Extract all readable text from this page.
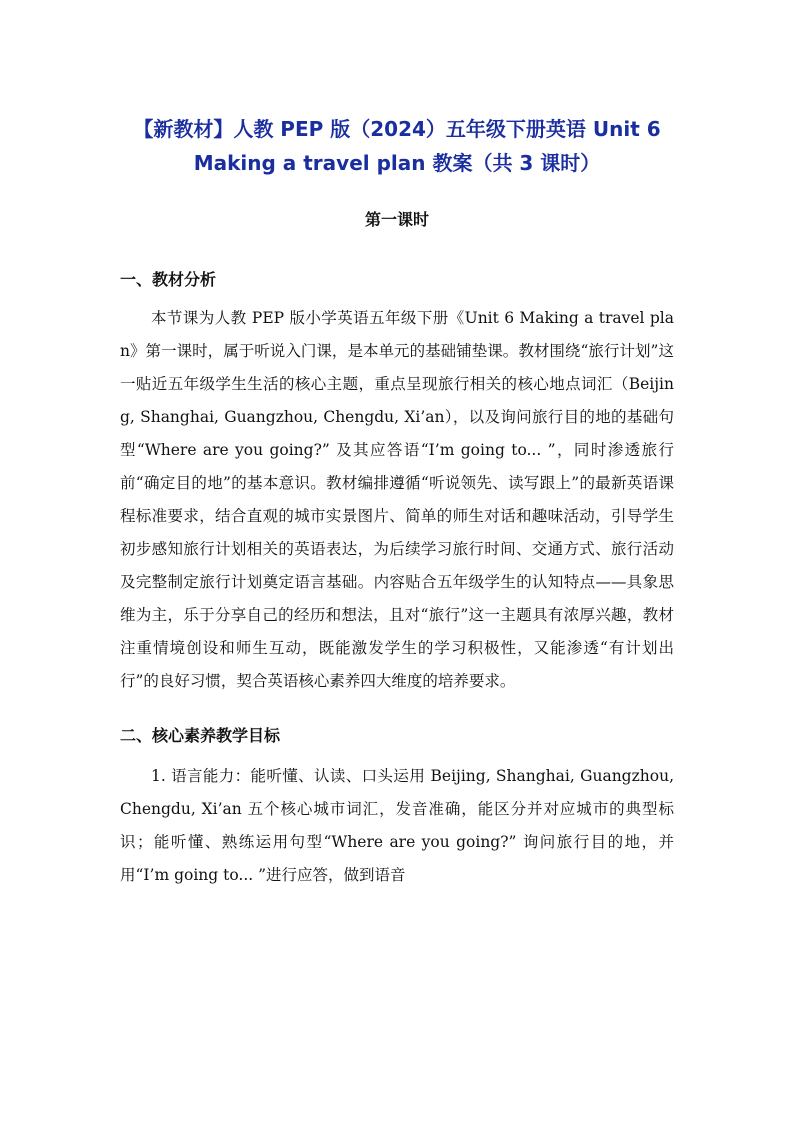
【新教材】人教 PEP 版（2024）五年级下册英语 Unit 6
Making a travel plan 教案（共 3 课时）
第一课时
一、教材分析

本节课为人教 PEP 版小学英语五年级下册《Unit 6 Making a travel plan》第一课时，属于听说入门课，是本单元的基础铺垫课。教材围绕“旅行计划”这一贴近五年级学生生活的核心主题，重点呈现旅行相关的核心地点词汇（Beijing, Shanghai, Guangzhou, Chengdu, Xi’an），以及询问旅行目的地的基础句型“Where are you going?” 及其应答语“I’m going to... ”，同时渗透旅行前“确定目的地”的基本意识。教材编排遵循“听说领先、读写跟上”的最新英语课程标准要求，结合直观的城市实景图片、简单的师生对话和趣味活动，引导学生初步感知旅行计划相关的英语表达，为后续学习旅行时间、交通方式、旅行活动及完整制定旅行计划奠定语言基础。内容贴合五年级学生的认知特点——具象思维为主，乐于分享自己的经历和想法，且对“旅行”这一主题具有浓厚兴趣，教材注重情境创设和师生互动，既能激发学生的学习积极性，又能渗透“有计划出行”的良好习惯，契合英语核心素养四大维度的培养要求。

二、核心素养教学目标

1. 语言能力：能听懂、认读、口头运用 Beijing, Shanghai, Guangzhou, Chengdu, Xi’an 五个核心城市词汇，发音准确，能区分并对应城市的典型标识；能听懂、熟练运用句型“Where are you going?” 询问旅行目的地，并用“I’m going to... ”进行应答，做到语音
